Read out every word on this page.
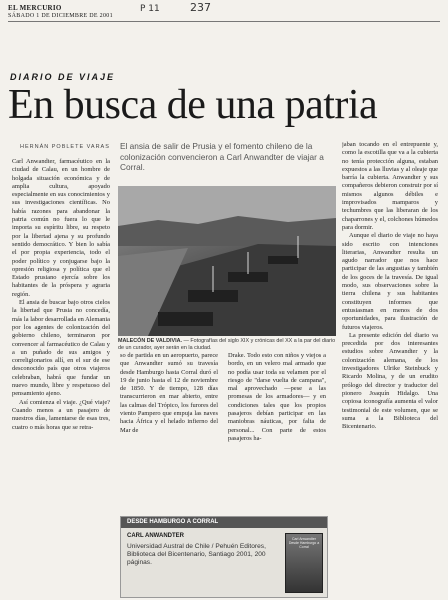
EL MERCURIO
SÁBADO 1 DE DICIEMBRE DE 2001
P 11	237
DIARIO DE VIAJE
En busca de una patria
HERNÁN POBLETE VARAS El ansia de salir de Prusia y el fomento chileno de la colonización convencieron a Carl Anwandter de viajar a Corral.

Carl Anwandter, farmacéutico en la ciudad de Calau, en un hombre de holgada situación económica y de amplia cultura, apoyado especialmente en sus conocimientos y sus investigaciones científicas. No había razones para abandonar la patria común no fuera lo que le importa su espíritu libre, su respeto por la libertad ajena y su profundo sentido democrático. Y bien lo sabía el por propia experiencia, todo el poder político y conjugarse bajo la opresión religiosa y política que el Estado prusiano ejercía sobre los habitantes de la próspera y agraria región.

El ansia de buscar bajo otros cielos la libertad que Prusia no concedía, más la labor desarrollada en Alemania por los agentes de colonización del gobierno chileno, terminaron por convencer al farmacéutico de Calau y a un puñado de sus amigos y correligionarios allí, en el sur de ese desconocido país que otros viajeros celebraban, habrá que fundar un nuevo mundo, libre y respetuoso del pensamiento ajeno.

Así comienza el viaje. ¿Qué viaje? Cuando menos a un pasajero de nuestros días, lamentarse de esas tres, cuatro o más horas que se retra-

MALECÓN DE VALDIVIA. — Fotografías del siglo XIX y crónicas del XX a la par del diario de un curador, ayer serán en la ciudad.

so de partida en un aeropuerto, parece que Anwandter sumó su travesía desde Hamburgo hasta Corral duró el 19 de junio hasta el 12 de noviembre de 1850. Y de tiempo, 128 días transcurrieron en mar abierto, entre las calmas del Trópico, los furores del viento Pampero que empuja las naves hacia África y el helado infierno del Mar de

Drake. Todo esto con niños y viejos a bordo, en un velero mal armado que no podía usar toda su velamen por el riesgo de "darse vuelta de campana", mal aprovechado —pese a las promesas de los armadores— y en condiciones tales que los propios pasajeros debían participar en las maniobras náuticas, por falta de personal... Con parte de estos pasajeros ha-

jaban tocando en el entrepuente y, como la escotilla que va a la cubierta no tenía protección alguna, estaban expuestos a las lluvias y al oleaje que barría la cubierta. Anwandter y sus compañeros debieron construir por sí mismos algunos débiles e improvisados mamparos y techumbres que las liberaran de los chaparrones y el, colchones húmedos para dormir.

Aunque el diario de viaje no haya sido escrito con intenciones literarias, Anwandter resulta un agudo narrador que nos hace participar de las angustias y también de los goces de la travesía. De igual modo, sus observaciones sobre la tierra chilena y sus habitantes constituyen informes que entusiasman en menos de dos oportunidades, para ilustración de futuros viajeros.

La presente edición del diario va precedida por dos interesantes estudios sobre Anwandter y la colonización alemana, de los investigadores Ulrike Steinbuck y Ricardo Molina, y de un erudito prólogo del director y traductor del pionero Joaquín Hidalgo. Una copiosa iconografía aumenta el valor testimonial de este volumen, que se suma a la Biblioteca del Bicentenario.

DESDE HAMBURGO A CORRAL
CARL ANWANDTER
Universidad Austral de Chile / Pehuén Editores, Biblioteca del Bicentenario, Santiago 2001, 200 páginas.
Carl Anwandter Desde Hamburgo a Corral
